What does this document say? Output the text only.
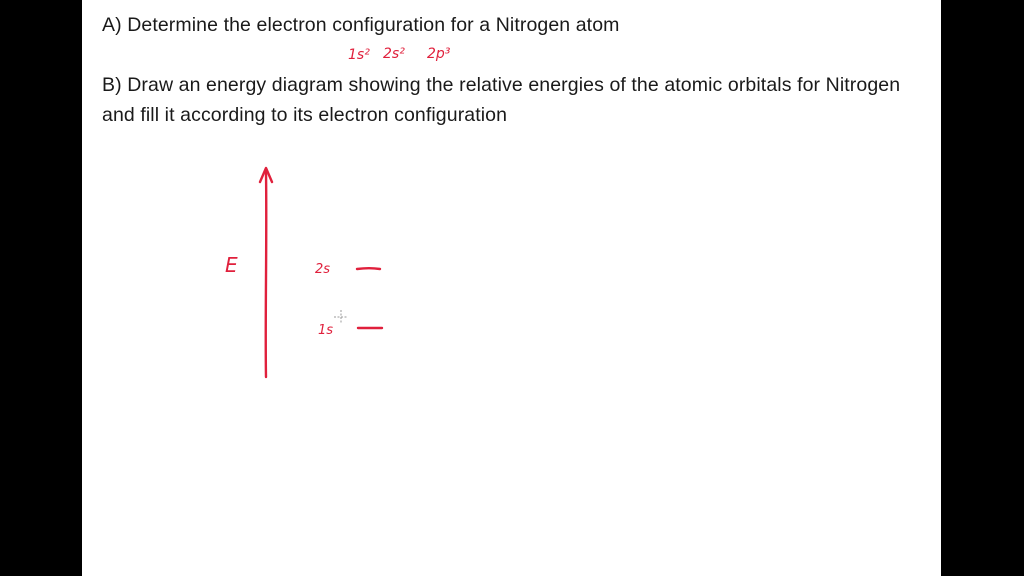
A) Determine the electron configuration for a Nitrogen atom
B) Draw an energy diagram showing the relative energies of the atomic orbitals for Nitrogen and fill it according to its electron configuration
1s² 2s² 2p³
E	2s
1s
